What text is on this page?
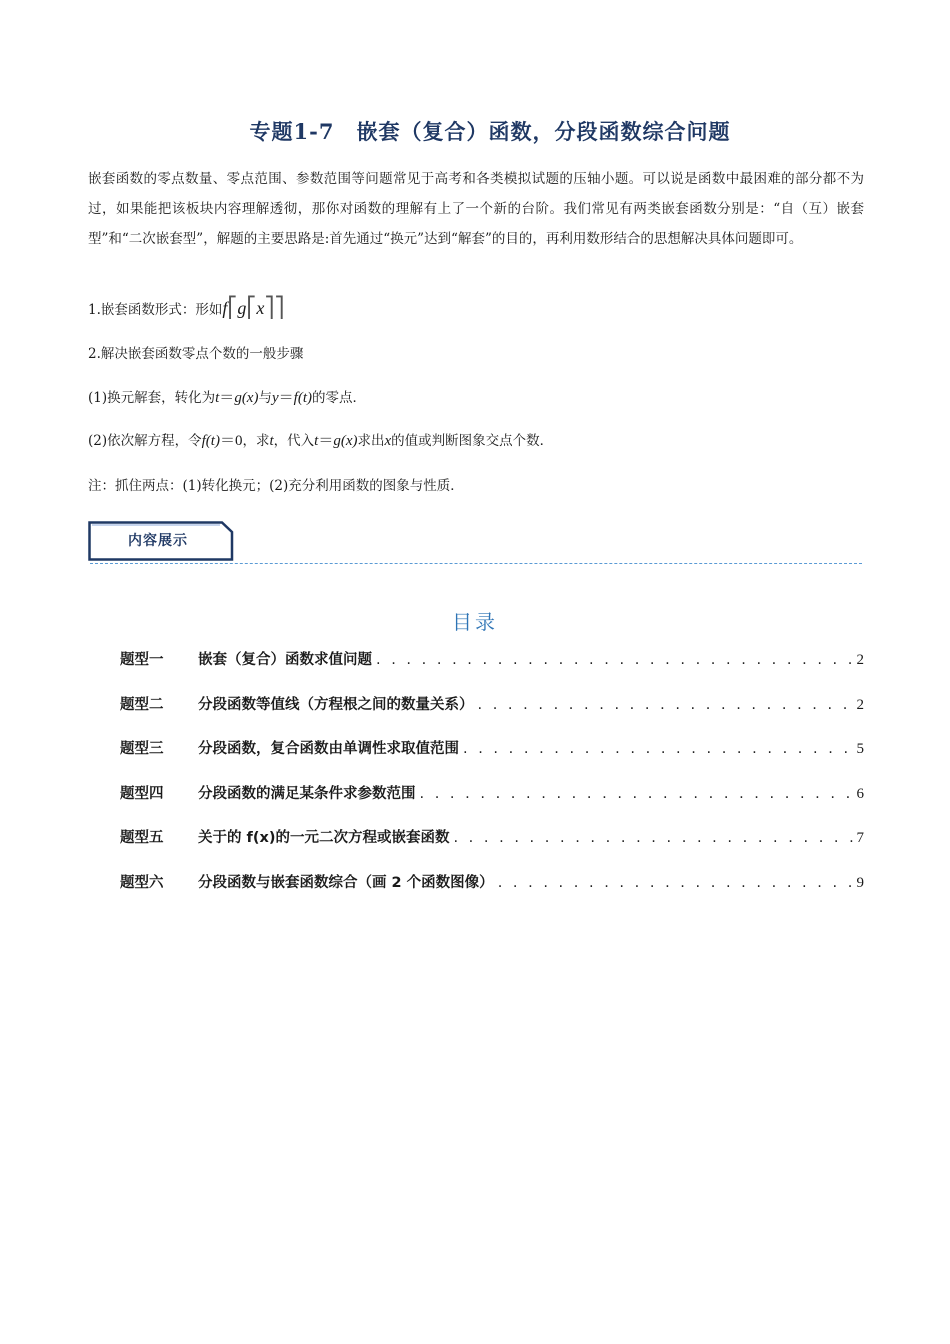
专题1-7　嵌套（复合）函数，分段函数综合问题
嵌套函数的零点数量、零点范围、参数范围等问题常见于高考和各类模拟试题的压轴小题。可以说是函数中最困难的部分都不为过，如果能把该板块内容理解透彻，那你对函数的理解有上了一个新的台阶。我们常见有两类嵌套函数分别是：“自（互）嵌套型”和“二次嵌套型”，解题的主要思路是:首先通过“换元”达到“解套”的目的，再利用数形结合的思想解决具体问题即可。
1.嵌套函数形式：形如f⎡g⎡x⎤⎤
2.解决嵌套函数零点个数的一般步骤
(1)换元解套，转化为t＝g(x)与y＝f(t)的零点．
(2)依次解方程，令f(t)＝0，求t，代入t＝g(x)求出x的值或判断图象交点个数．
注：抓住两点：(1)转化换元；(2)充分利用函数的图象与性质．
内容展示
目录
题型一	嵌套（复合）函数求值问题 . . .	2
题型二	分段函数等值线（方程根之间的数量关系） . . .	2
题型三	分段函数，复合函数由单调性求取值范围 . . .	5
题型四	分段函数的满足某条件求参数范围 . . .	6
题型五	关于的 f(x)的一元二次方程或嵌套函数 . . .	7
题型六	分段函数与嵌套函数综合（画 2 个函数图像） . . .	9
